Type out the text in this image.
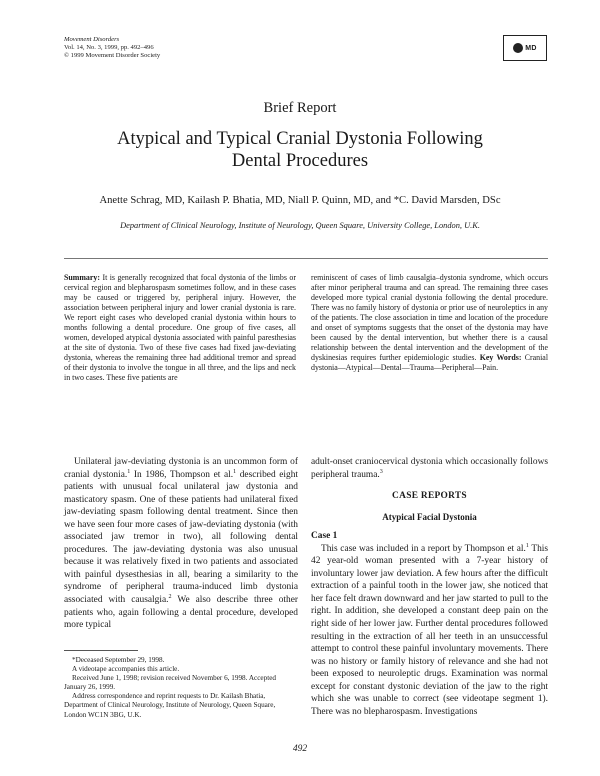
Movement Disorders
Vol. 14, No. 3, 1999, pp. 492–496
© 1999 Movement Disorder Society
MD
Brief Report
Atypical and Typical Cranial Dystonia Following
Dental Procedures
Anette Schrag, MD, Kailash P. Bhatia, MD, Niall P. Quinn, MD, and *C. David Marsden, DSc
Department of Clinical Neurology, Institute of Neurology, Queen Square, University College, London, U.K.
Summary: It is generally recognized that focal dystonia of the limbs or cervical region and blepharospasm sometimes follow, and in these cases may be caused or triggered by, peripheral injury. However, the association between peripheral injury and lower cranial dystonia is rare. We report eight cases who developed cranial dystonia within hours to months following a dental procedure. One group of five cases, all women, developed atypical dystonia associated with painful paresthesias at the site of dystonia. Two of these five cases had fixed jaw-deviating dystonia, whereas the remaining three had additional tremor and spread of their dystonia to involve the tongue in all three, and the lips and neck in two cases. These five patients are
reminiscent of cases of limb causalgia–dystonia syndrome, which occurs after minor peripheral trauma and can spread. The remaining three cases developed more typical cranial dystonia following the dental procedure. There was no family history of dystonia or prior use of neuroleptics in any of the patients. The close association in time and location of the procedure and onset of symptoms suggests that the onset of the dystonia may have been caused by the dental intervention, but whether there is a causal relationship between the dental intervention and the development of the dyskinesias requires further epidemiologic studies. Key Words: Cranial dystonia—Atypical—Dental—Trauma—Peripheral—Pain.

Unilateral jaw-deviating dystonia is an uncommon form of cranial dystonia.$^1$ In 1986, Thompson et al.$^1$ described eight patients with unusual focal unilateral jaw dystonia and masticatory spasm. One of these patients had unilateral fixed jaw-deviating spasm following dental treatment. Since then we have seen four more cases of jaw-deviating dystonia (with associated jaw tremor in two), all following dental procedures. The jaw-deviating dystonia was also unusual because it was relatively fixed in two patients and associated with painful dysesthesias in all, bearing a similarity to the syndrome of peripheral trauma-induced limb dystonia associated with causalgia.$^2$ We also describe three other patients who, again following a dental procedure, developed more typical

adult-onset craniocervical dystonia which occasionally follows peripheral trauma.$^3$

CASE REPORTS
Atypical Facial Dystonia
Case 1

This case was included in a report by Thompson et al.$^1$ This 42 year-old woman presented with a 7-year history of involuntary lower jaw deviation. A few hours after the difficult extraction of a painful tooth in the lower jaw, she noticed that her face felt drawn downward and her jaw started to pull to the right. In addition, she developed a constant deep pain on the right side of her lower jaw. Further dental procedures followed resulting in the extraction of all her teeth in an unsuccessful attempt to control these painful involuntary movements. There was no history or family history of relevance and she had not been exposed to neuroleptic drugs. Examination was normal except for constant dystonic deviation of the jaw to the right which she was unable to correct (see videotape segment 1). There was no blepharospasm. Investigations

*Deceased September 29, 1998.

A videotape accompanies this article.

Received June 1, 1998; revision received November 6, 1998. Accepted January 26, 1999.

Address correspondence and reprint requests to Dr. Kailash Bhatia, Department of Clinical Neurology, Institute of Neurology, Queen Square, London WC1N 3BG, U.K.

492
